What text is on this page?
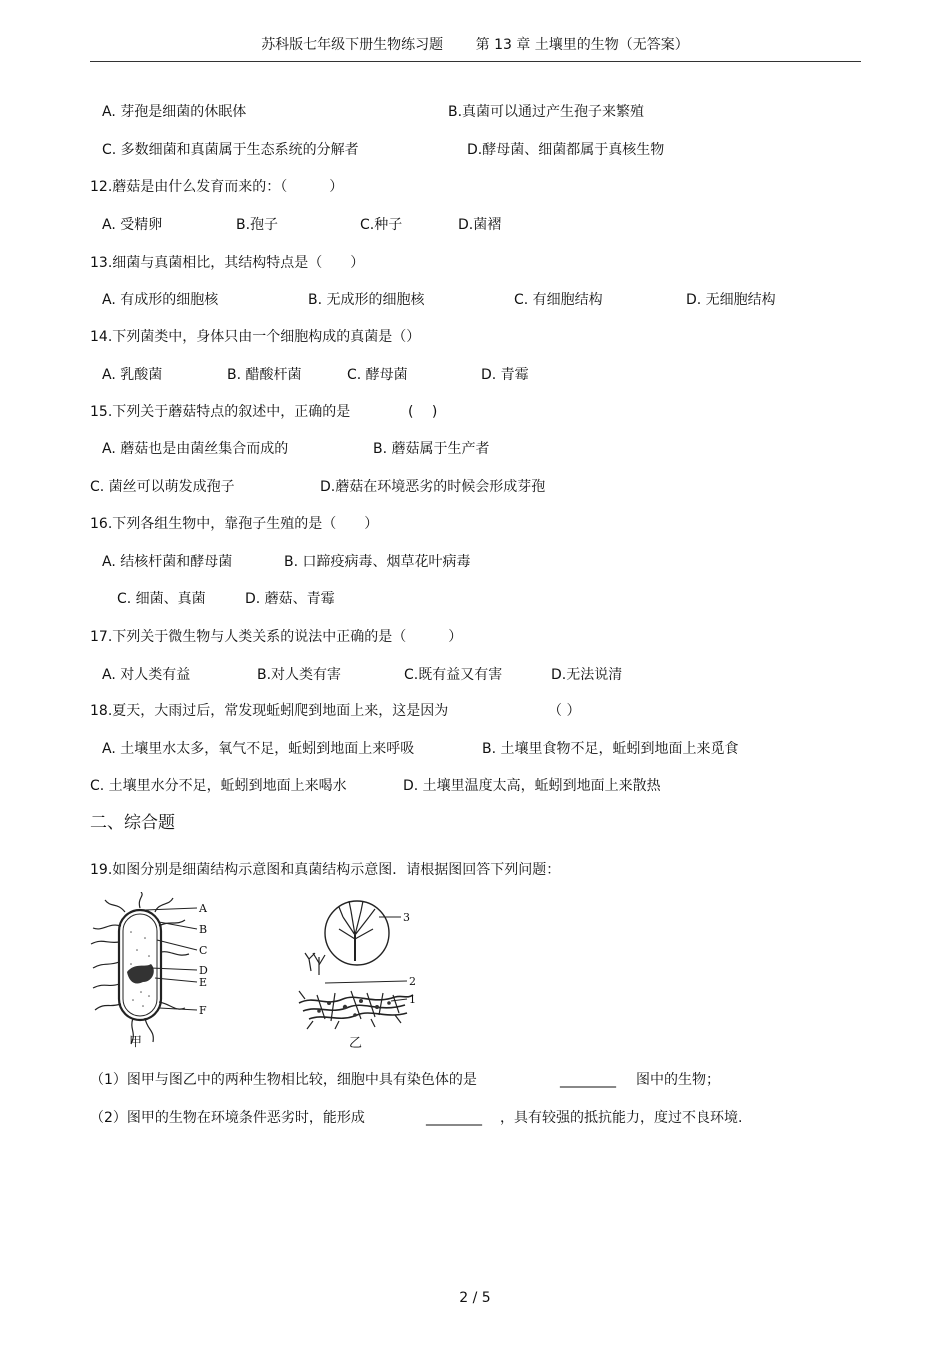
苏科版七年级下册生物练习题 第 13 章 土壤里的生物（无答案）
A. 芽孢是细菌的休眠体	B.真菌可以通过产生孢子来繁殖
C. 多数细菌和真菌属于生态系统的分解者	D.酵母菌、细菌都属于真核生物
12.蘑菇是由什么发育而来的：（　　　）
A. 受精卵	B.孢子	C.种子	D.菌褶
13.细菌与真菌相比，其结构特点是（　　）
A. 有成形的细胞核	B. 无成形的细胞核	C. 有细胞结构	D. 无细胞结构
14.下列菌类中，身体只由一个细胞构成的真菌是（）
A. 乳酸菌	B. 醋酸杆菌	C. 酵母菌	D. 青霉
15.下列关于蘑菇特点的叙述中，正确的是	(　 )
A. 蘑菇也是由菌丝集合而成的	B. 蘑菇属于生产者
C. 菌丝可以萌发成孢子	D.蘑菇在环境恶劣的时候会形成芽孢
16.下列各组生物中，靠孢子生殖的是（　　）
A. 结核杆菌和酵母菌	B. 口蹄疫病毒、烟草花叶病毒
C. 细菌、真菌	D. 蘑菇、青霉
17.下列关于微生物与人类关系的说法中正确的是（　　　）
A. 对人类有益	B.对人类有害	C.既有益又有害	D.无法说清
18.夏天，大雨过后，常发现蚯蚓爬到地面上来，这是因为	（ ）
A. 土壤里水太多，氧气不足，蚯蚓到地面上来呼吸	B. 土壤里食物不足，蚯蚓到地面上来觅食
C. 土壤里水分不足，蚯蚓到地面上来喝水	D. 土壤里温度太高，蚯蚓到地面上来散热
二、综合题
19.如图分别是细菌结构示意图和真菌结构示意图．请根据图回答下列问题：
A
B
C
D
E
F
甲
3
2
1
乙
（1）图甲与图乙中的两种生物相比较，细胞中具有染色体的是	________ 图中的生物；
（2）图甲的生物在环境条件恶劣时，能形成	________ ，具有较强的抵抗能力，度过不良环境.
2 / 5
